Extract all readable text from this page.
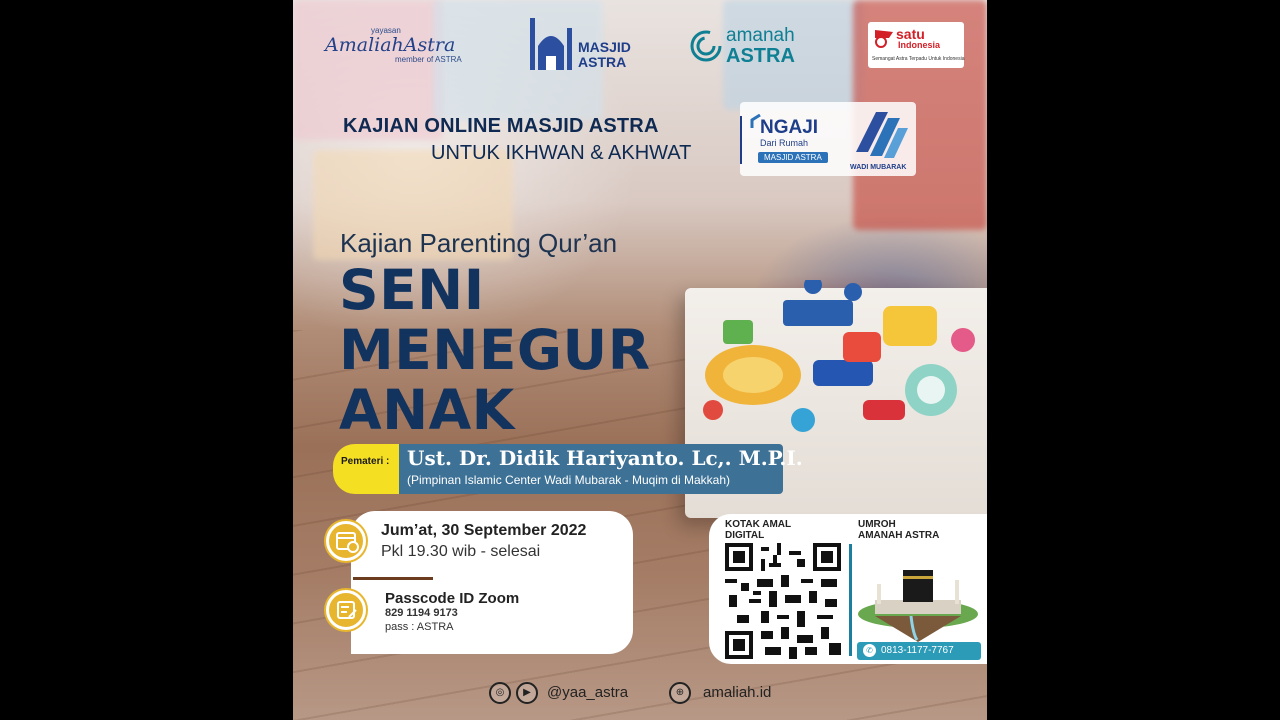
yayasan
AmaliahAstra
member of ASTRA
MASJID
ASTRA
amanah
ASTRA
satu
Indonesia
Semangat Astra Terpadu Untuk Indonesia
KAJIAN ONLINE MASJID ASTRA
UNTUK IKHWAN & AKHWAT
NGAJI
Dari Rumah
MASJID ASTRA
WADI MUBARAK
Kajian Parenting Qur’an
SENI
MENEGUR
ANAK
Pemateri : Ust. Dr. Didik Hariyanto. Lc,. M.P.I.
(Pimpinan Islamic Center Wadi Mubarak - Muqim di Makkah)
Jum’at, 30 September 2022
Pkl 19.30 wib - selesai
Passcode ID Zoom
829 1194 9173
pass : ASTRA
KOTAK AMAL
DIGITAL
UMROH
AMANAH ASTRA
✆ 0813-1177-7767
◎	▶	@yaa_astra	⊕	amaliah.id
